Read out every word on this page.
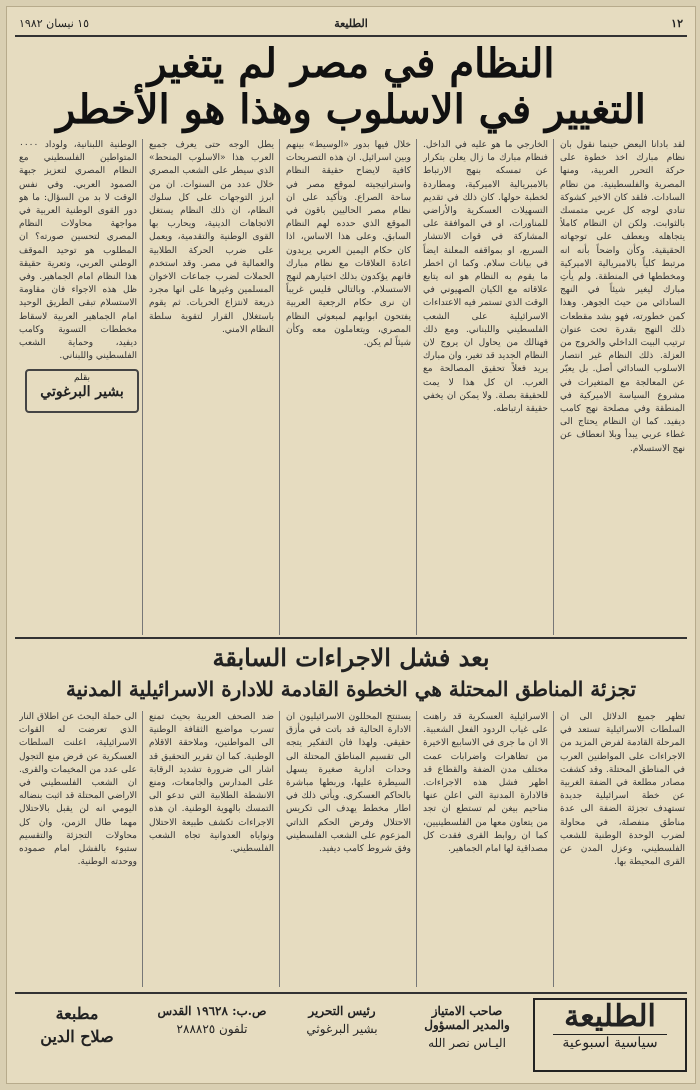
١٢
الطليعة
١٥ نيسان ١٩٨٢
النظام في مصر لم يتغير
التغيير في الاسلوب وهذا هو الأخطر

لقد بادانا البعض حينما نقول بان نظام مبارك اخذ خطوة على حركة التحرر العربية، ومنها المصرية والفلسطينية. من نظام السادات. فلقد كان الاخير كشوكة تنادي لوجه كل عربي متمسك بالثوابت. ولكن ان النظام كاملاً يتجاهله ويعطف على توجهاته الحقيقية. وكأن واضحاً بأنه انه مرتبط كلياً بالامبريالية الاميركية ومخططها في المنطقة. ولم يأتِ مبارك ليغير شيئاً في النهج السادائي من حيث الجوهر. وهذا كمن خطورته، فهو بشد مقطعات ذلك النهج بقدرة تحت عنوان ترتيب البيت الداخلي والخروج من العزلة. ذلك النظام غير انتصار الاسلوب السادائي أصل. بل يعبّر عن المعالجة مع المتغيرات في مشروع السياسة الاميركية في المنطقة وفي مصلحة نهج كامب ديفيد. كما ان النظام يحتاج الى غطاء عربي يبدأ وبلا انعطاف عن نهج الاستسلام.

الخارجي ما هو عليه في الداخل. فنظام مبارك ما زال يعلن بتكرار عن تمسكه بنهج الارتباط بالامبريالية الاميركية، ومطاردة لخطبة حولها. كان ذلك في تقديم التسهيلات العسكرية والأراضي للمناورات، او في الموافقة على المشاركة في قوات الانتشار السريع، او بمواقفه المعلنة ايضاً في بيانات سلام. وكما ان اخطر ما يقوم به النظام هو انه يتابع علاقاته مع الكيان الصهيوني في الوقت الذي تستمر فيه الاعتداءات الاسرائيلية على الشعب الفلسطيني واللبناني. ومع ذلك فهنالك من يحاول ان يروج لان النظام الجديد قد تغير، وان مبارك يريد فعلاً تحقيق المصالحة مع العرب. ان كل هذا لا يمت للحقيقة بصلة. ولا يمكن ان يخفي حقيقة ارتباطه.

خلال فيها بدور «الوسيط» بينهم وبين اسرائيل. ان هذه التصريحات كافية لايضاح حقيقة النظام واستراتيجيته لموقع مصر في ساحة الصراع. وتأكيد على ان نظام مصر الحاليين باقون في الموقع الذي حدده لهم النظام السابق. وعلى هذا الاساس، اذا كان حكام اليمين العربي يريدون اعادة العلاقات مع نظام مبارك فانهم يؤكدون بذلك اختيارهم لنهج الاستسلام. وبالتالي فليس غريباً ان نرى حكام الرجعية العربية يفتحون ابوابهم لمبعوثي النظام المصري، ويتعاملون معه وكأن شيئاً لم يكن.

يطل الوجه حتى يعرف جميع العرب هذا «الاسلوب المنحط» الذي سيطر على الشعب المصري خلال عدد من السنوات. ان من ابرز التوجهات على كل سلوك النظام، ان ذلك النظام يستغل الاتجاهات الدينية، ويحارب بها القوى الوطنية والتقدمية، ويعمل على ضرب الحركة الطلابية والعمالية في مصر. وقد استخدم الحملات لضرب جماعات الاخوان المسلمين وغيرها على انها مجرد ذريعة لانتزاع الحريات. ثم يقوم باستغلال القرار لتقوية سلطة النظام الامني.

الوطنية اللبنانية، ولوداد ٠٠٠٠ المتواطين الفلسطيني مع النظام المصري لتعزيز جبهة الصمود العربي. وفي نفس الوقت لا بد من السؤال: ما هو دور القوى الوطنية العربية في مواجهة محاولات النظام المصري لتحسين صورته؟ ان المطلوب هو توحيد الموقف الوطني العربي، وتعرية حقيقة هذا النظام امام الجماهير. وفي ظل هذه الاجواء فان مقاومة الاستسلام تبقى الطريق الوحيد امام الجماهير العربية لاسقاط مخططات التسوية وكامب ديفيد، وحماية الشعب الفلسطيني واللبناني.

بقلم
بشير البرغوتي
بعد فشل الاجراءات السابقة
تجزئة المناطق المحتلة هي الخطوة القادمة للادارة الاسرائيلية المدنية

تظهر جميع الدلائل الى ان السلطات الاسرائيلية تستعد في المرحلة القادمة لفرض المزيد من الاجراءات على المواطنين العرب في المناطق المحتلة. وقد كشفت مصادر مطلعة في الضفة الغربية عن خطة اسرائيلية جديدة تستهدف تجزئة الضفة الى عدة مناطق منفصلة، في محاولة لضرب الوحدة الوطنية للشعب الفلسطيني، وعزل المدن عن القرى المحيطة بها.

الاسرائيلية العسكرية قد راهنت على غياب الردود الفعل الشعبية. الا ان ما جرى في الاسابيع الاخيرة من تظاهرات واضرابات عمت مختلف مدن الضفة والقطاع قد اظهر فشل هذه الاجراءات. فالادارة المدنية التي اعلن عنها مناحيم بيغن لم تستطع ان تجد من يتعاون معها من الفلسطينيين، كما ان روابط القرى فقدت كل مصداقية لها امام الجماهير.

يستنتج المحللون الاسرائيليون ان الادارة الحالية قد باتت في مأزق حقيقي. ولهذا فان التفكير يتجه الى تقسيم المناطق المحتلة الى وحدات ادارية صغيرة يسهل السيطرة عليها، وربطها مباشرة بالحاكم العسكري. ويأتي ذلك في اطار مخطط يهدف الى تكريس الاحتلال وفرض الحكم الذاتي المزعوم على الشعب الفلسطيني وفق شروط كامب ديفيد.

ضد الصحف العربية بحيث تمنع تسرب مواضيع الثقافة الوطنية الى المواطنين، وملاحقة الاقلام الوطنية. كما ان تقرير التحقيق قد اشار الى ضرورة تشديد الرقابة على المدارس والجامعات، ومنع الانشطة الطلابية التي تدعو الى التمسك بالهوية الوطنية. ان هذه الاجراءات تكشف طبيعة الاحتلال ونواياه العدوانية تجاه الشعب الفلسطيني.

الى حملة البحث عن اطلاق النار الذي تعرضت له القوات الاسرائيلية، اعلنت السلطات العسكرية عن فرض منع التجول على عدد من المخيمات والقرى. ان الشعب الفلسطيني في الاراضي المحتلة قد اثبت بنضاله اليومي انه لن يقبل بالاحتلال مهما طال الزمن، وان كل محاولات التجزئة والتقسيم ستبوء بالفشل امام صموده ووحدته الوطنية.

الطليعة
سياسية اسبوعية
صاحب الامتياز والمدير المسؤول
اليـاس نصر الله
رئيس التحرير
بشير البرغوثي
ص.ب: ١٩٦٢٨ القدس
تلفون ٢٨٨٨٢٥
مطبعة
صلاح الدين
